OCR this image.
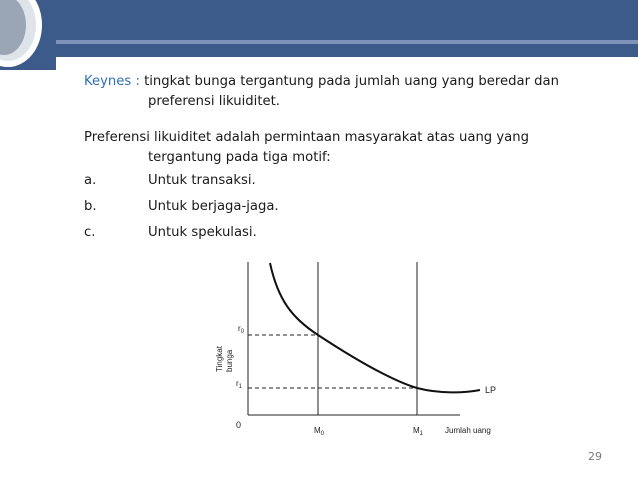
Keynes : tingkat bunga tergantung pada jumlah uang yang beredar dan

preferensi likuiditet.

Preferensi likuiditet adalah permintaan masyarakat atas uang yang

tergantung pada tiga motif:

a.	Untuk transaksi.
b.	Untuk berjaga-jaga.
c.	Untuk spekulasi.
LP
0
Jumlah uang
$M_0$	$M_1$
$r_0$
$r_1$
Tingkat bunga
29
